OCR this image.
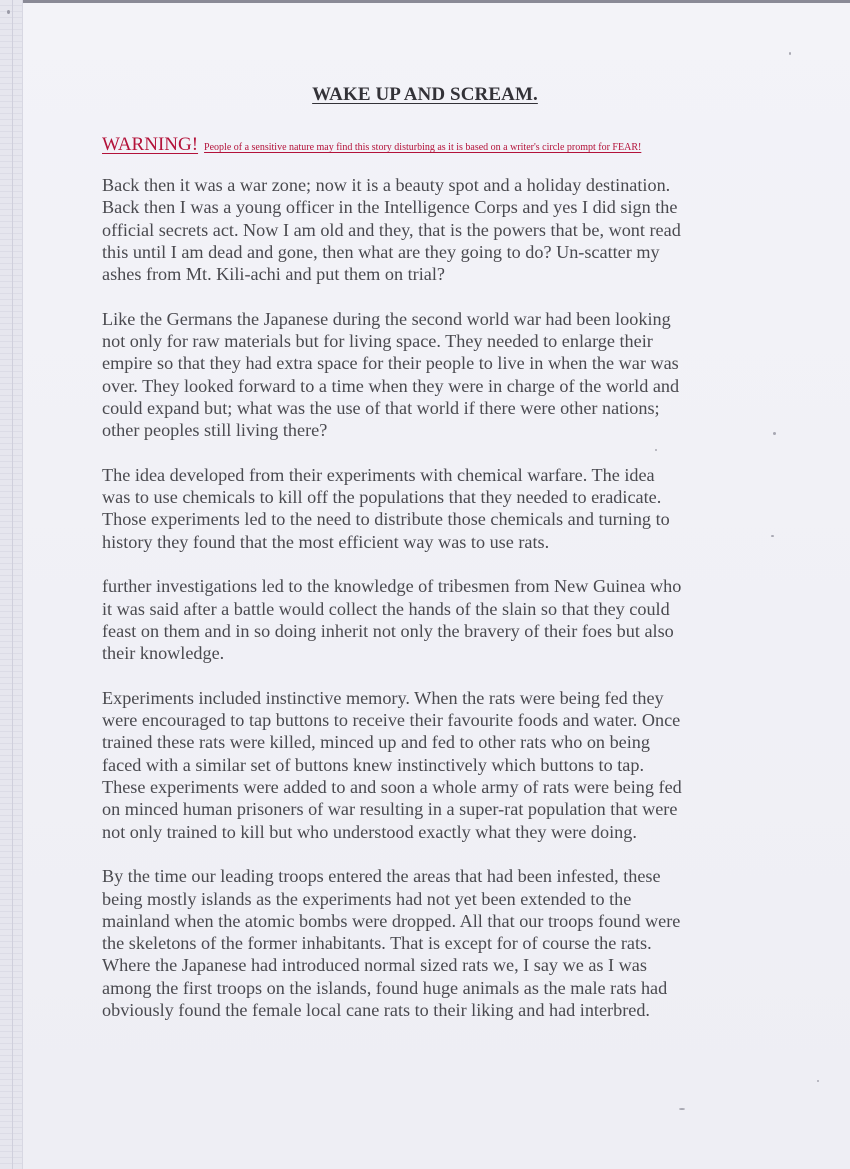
WAKE UP AND SCREAM.

WARNING! People of a sensitive nature may find this story disturbing as it is based on a writer's circle prompt for FEAR!

Back then it was a war zone; now it is a beauty spot and a holiday destination.
Back then I was a young officer in the Intelligence Corps and yes I did sign the
official secrets act. Now I am old and they, that is the powers that be, wont read
this until I am dead and gone, then what are they going to do? Un-scatter my
ashes from Mt. Kili-achi and put them on trial?

Like the Germans the Japanese during the second world war had been looking
not only for raw materials but for living space. They needed to enlarge their
empire so that they had extra space for their people to live in when the war was
over. They looked forward to a time when they were in charge of the world and
could expand but; what was the use of that world if there were other nations;
other peoples still living there?

The idea developed from their experiments with chemical warfare. The idea
was to use chemicals to kill off the populations that they needed to eradicate.
Those experiments led to the need to distribute those chemicals and turning to
history they found that the most efficient way was to use rats.

further investigations led to the knowledge of tribesmen from New Guinea who
it was said after a battle would collect the hands of the slain so that they could
feast on them and in so doing inherit not only the bravery of their foes but also
their knowledge.

Experiments included instinctive memory. When the rats were being fed they
were encouraged to tap buttons to receive their favourite foods and water. Once
trained these rats were killed, minced up and fed to other rats who on being
faced with a similar set of buttons knew instinctively which buttons to tap.
These experiments were added to and soon a whole army of rats were being fed
on minced human prisoners of war resulting in a super-rat population that were
not only trained to kill but who understood exactly what they were doing.

By the time our leading troops entered the areas that had been infested, these
being mostly islands as the experiments had not yet been extended to the
mainland when the atomic bombs were dropped. All that our troops found were
the skeletons of the former inhabitants. That is except for of course the rats.
Where the Japanese had introduced normal sized rats we, I say we as I was
among the first troops on the islands, found huge animals as the male rats had
obviously found the female local cane rats to their liking and had interbred.
